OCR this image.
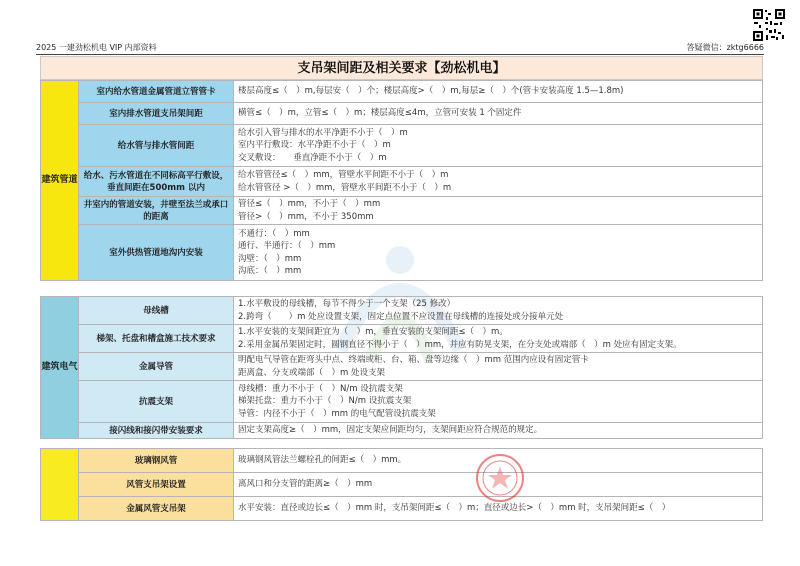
2025 一建劲松机电 VIP 内部资料	答疑微信：zktg6666
支吊架间距及相关要求【劲松机电】
建筑管道	室内给水管道金属管道立管管卡	楼层高度≤（　）m,每层安（　）个；楼层高度>（　）m,每层≥（　）个(管卡安装高度 1.5—1.8m)
	室内排水管道支吊架间距	横管≤（　）m，立管≤（　）m；楼层高度≤4m，立管可安装 1 个固定件
	给水管与排水管间距	给水引入管与排水的水平净距不小于（　）m
室内平行敷设：水平净距不小于（　）m
交叉敷设：　　垂直净距不小于（　）m

	给水、污水管道在不同标高平行敷设，垂直间距在500mm 以内	给水管管径≤（　）mm，管壁水平间距不小于（　）m
给水管管径 >（　）mm，管壁水平间距不小于（　）m

	井室内的管道安装，井壁至法兰或承口的距离	管径≤（　）mm，不小于（　）mm
管径>（　）mm，不小于 350mm

	室外供热管道地沟内安装	不通行：（　）mm
通行、半通行：（　）mm
沟壁：（　）mm
沟底：（　）mm
建筑电气	母线槽	1.水平敷设的母线槽，每节不得少于一个支架（25 修改）
2.跨弯（　　）m 处应设置支架，固定点位置不应设置在母线槽的连接处或分接单元处

	梯架、托盘和槽盒施工技术要求	1.水平安装的支架间距宜为（　）m，垂直安装的支架间距≤（　）m。
2.采用金属吊架固定时，圆钢直径不得小于（　）mm，并应有防晃支架，在分支处或端部（　）m 处应有固定支架。

	金属导管	明配电气导管在距弯头中点、终端或柜、台、箱、盘等边缘（　）mm 范围内应设有固定管卡
距离盒、分支或端部（　）m 处设支架

	抗震支架	母线槽：重力不小于（　）N/m 设抗震支架
梯架托盘：重力不小于（　）N/m 设抗震支架
导管：内径不小于（　）mm 的电气配管设抗震支架

	接闪线和接闪带安装要求	固定支架高度≥（　）mm，固定支架应间距均匀，支架间距应符合规范的规定。
	玻璃钢风管	玻璃钢风管法兰螺栓孔的间距≤（　）mm。
	风管支吊架设置	离风口和分支管的距离≥（　）mm
	金属风管支吊架	水平安装：直径或边长≤（　）mm 时，支吊架间距≤（　）m；直径或边长>（　）mm 时，支吊架间距≤（　）
